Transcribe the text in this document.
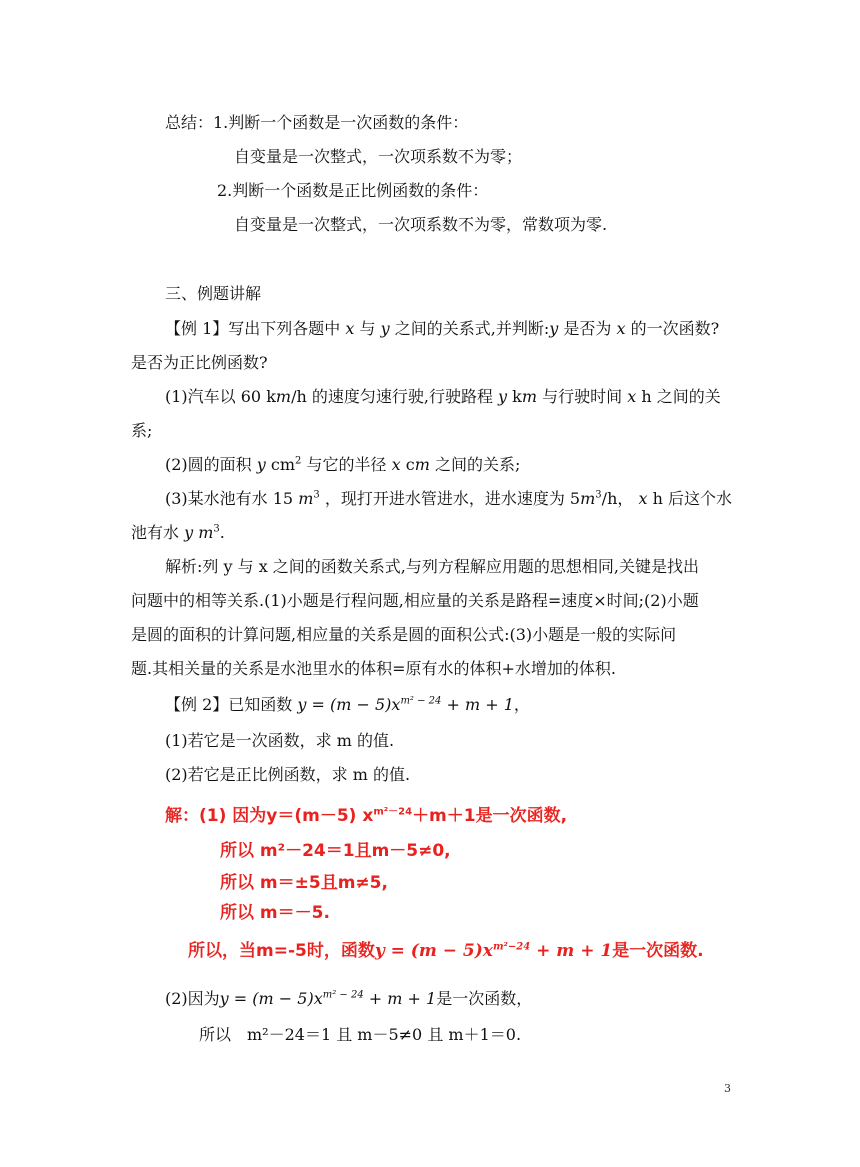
总结：1.判断一个函数是一次函数的条件：
自变量是一次整式，一次项系数不为零；
2.判断一个函数是正比例函数的条件：
自变量是一次整式，一次项系数不为零，常数项为零.
三、例题讲解
【例 1】写出下列各题中 x 与 y 之间的关系式,并判断:y 是否为 x 的一次函数?
是否为正比例函数?
(1)汽车以 60 km/h 的速度匀速行驶,行驶路程 y km 与行驶时间 x h 之间的关
系;
(2)圆的面积 y $cm^2$ 与它的半径 x cm 之间的关系;
(3)某水池有水 15 $m^3$ ，现打开进水管进水，进水速度为 $5m^3/h$， x h 后这个水
池有水 y $m^3$.
解析:列 y 与 x 之间的函数关系式,与列方程解应用题的思想相同,关键是找出
问题中的相等关系.(1)小题是行程问题,相应量的关系是路程=速度×时间;(2)小题
是圆的面积的计算问题,相应量的关系是圆的面积公式:(3)小题是一般的实际问
题.其相关量的关系是水池里水的体积=原有水的体积+水增加的体积.
【例 2】已知函数 $y = (m - 5)x^{m^2 - 24} + m + 1$，
(1)若它是一次函数，求 m 的值.
(2)若它是正比例函数，求 m 的值.
解：(1) 因为y＝(m－5) $x^{m^2-24}+m+1$是一次函数,
所以 m²－24＝1且m－5≠0,
所以 m＝±5且m≠5,
所以 m＝－5.
所以，当m=-5时，函数$y = (m - 5)x^{m^2-24} + m + 1$是一次函数.
(2)因为$y = (m - 5)x^{m^2 - 24} + m + 1$是一次函数，
所以　m²－24＝1 且 m－5≠0 且 m＋1＝0.
3
